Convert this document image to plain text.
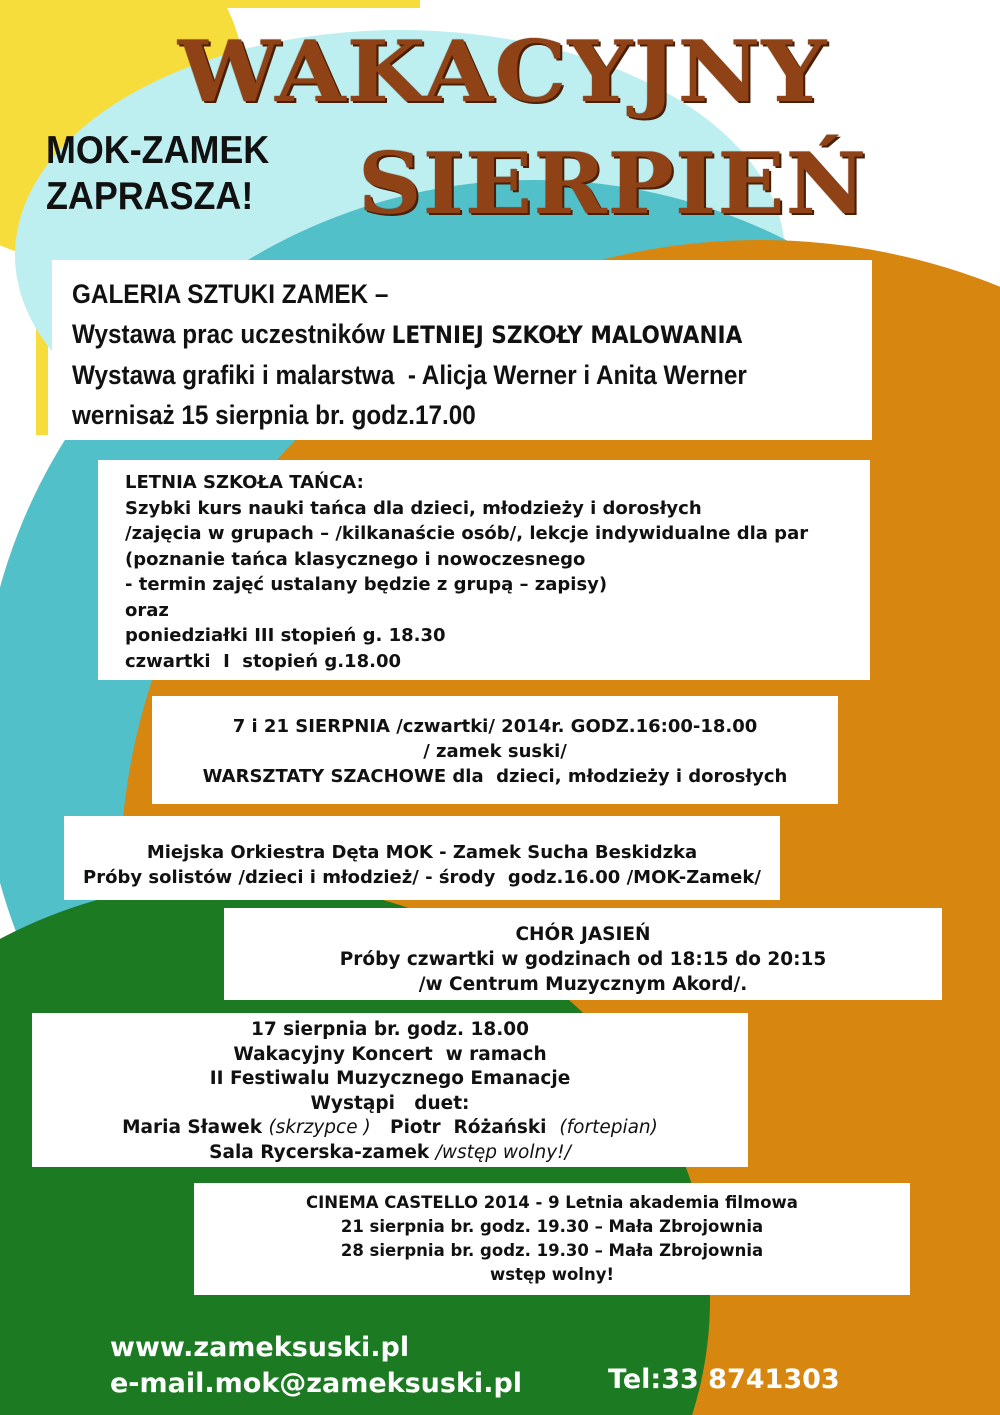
WAKACYJNY
SIERPIEŃ
MOK-ZAMEK
ZAPRASZA!
GALERIA SZTUKI ZAMEK –
Wystawa prac uczestników LETNIEJ SZKOŁY MALOWANIA
Wystawa grafiki i malarstwa  - Alicja Werner i Anita Werner
wernisaż 15 sierpnia br. godz.17.00
LETNIA SZKOŁA TAŃCA:
Szybki kurs nauki tańca dla dzieci, młodzieży i dorosłych
/zajęcia w grupach – /kilkanaście osób/, lekcje indywidualne dla par
(poznanie tańca klasycznego i nowoczesnego
- termin zajęć ustalany będzie z grupą – zapisy)
oraz
poniedziałki III stopień g. 18.30
czwartki  I  stopień g.18.00
7 i 21 SIERPNIA /czwartki/ 2014r. GODZ.16:00-18.00
/ zamek suski/
WARSZTATY SZACHOWE dla  dzieci, młodzieży i dorosłych
Miejska Orkiestra Dęta MOK - Zamek Sucha Beskidzka
Próby solistów /dzieci i młodzież/ - środy  godz.16.00 /MOK-Zamek/
CHÓR JASIEŃ
Próby czwartki w godzinach od 18:15 do 20:15
/w Centrum Muzycznym Akord/.
17 sierpnia br. godz. 18.00
Wakacyjny Koncert  w ramach
II Festiwalu Muzycznego Emanacje
Wystąpi   duet:
Maria Sławek (skrzypce ) Piotr  Różański (fortepian)
Sala Rycerska-zamek /wstęp wolny!/
CINEMA CASTELLO 2014 - 9 Letnia akademia filmowa
21 sierpnia br. godz. 19.30 – Mała Zbrojownia
28 sierpnia br. godz. 19.30 – Mała Zbrojownia
wstęp wolny!
www.zameksuski.pl
e-mail.mok@zameksuski.pl	Tel:33 8741303
